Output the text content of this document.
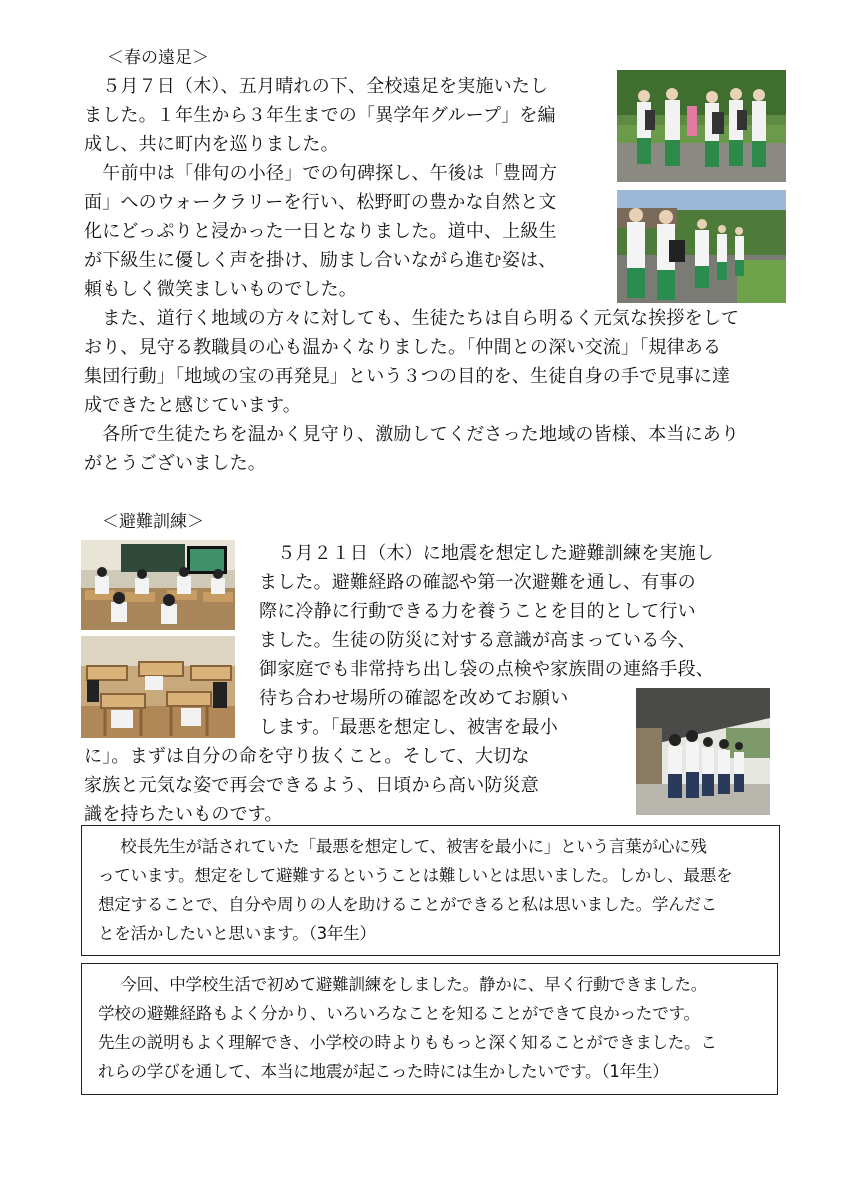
＜春の遠足＞
　５月７日（木）、五月晴れの下、全校遠足を実施いたし
ました。１年生から３年生までの「異学年グループ」を編
成し、共に町内を巡りました。
　午前中は「俳句の小径」での句碑探し、午後は「豊岡方
面」へのウォークラリーを行い、松野町の豊かな自然と文
化にどっぷりと浸かった一日となりました。道中、上級生
が下級生に優しく声を掛け、励まし合いながら進む姿は、
頼もしく微笑ましいものでした。
　また、道行く地域の方々に対しても、生徒たちは自ら明るく元気な挨拶をして
おり、見守る教職員の心も温かくなりました。「仲間との深い交流」「規律ある
集団行動」「地域の宝の再発見」という３つの目的を、生徒自身の手で見事に達
成できたと感じています。
　各所で生徒たちを温かく見守り、激励してくださった地域の皆様、本当にあり
がとうございました。
＜避難訓練＞
　５月２１日（木）に地震を想定した避難訓練を実施し
ました。避難経路の確認や第一次避難を通し、有事の
際に冷静に行動できる力を養うことを目的として行い
ました。生徒の防災に対する意識が高まっている今、
御家庭でも非常持ち出し袋の点検や家族間の連絡手段、
待ち合わせ場所の確認を改めてお願い
します。「最悪を想定し、被害を最小
に」。まずは自分の命を守り抜くこと。そして、大切な
家族と元気な姿で再会できるよう、日頃から高い防災意
識を持ちたいものです。
　校長先生が話されていた「最悪を想定して、被害を最小に」という言葉が心に残
っています。想定をして避難するということは難しいとは思いました。しかし、最悪を
想定することで、自分や周りの人を助けることができると私は思いました。学んだこ
とを活かしたいと思います。（3年生）
　今回、中学校生活で初めて避難訓練をしました。静かに、早く行動できました。
学校の避難経路もよく分かり、いろいろなことを知ることができて良かったです。
先生の説明もよく理解でき、小学校の時よりももっと深く知ることができました。こ
れらの学びを通して、本当に地震が起こった時には生かしたいです。（1年生）
